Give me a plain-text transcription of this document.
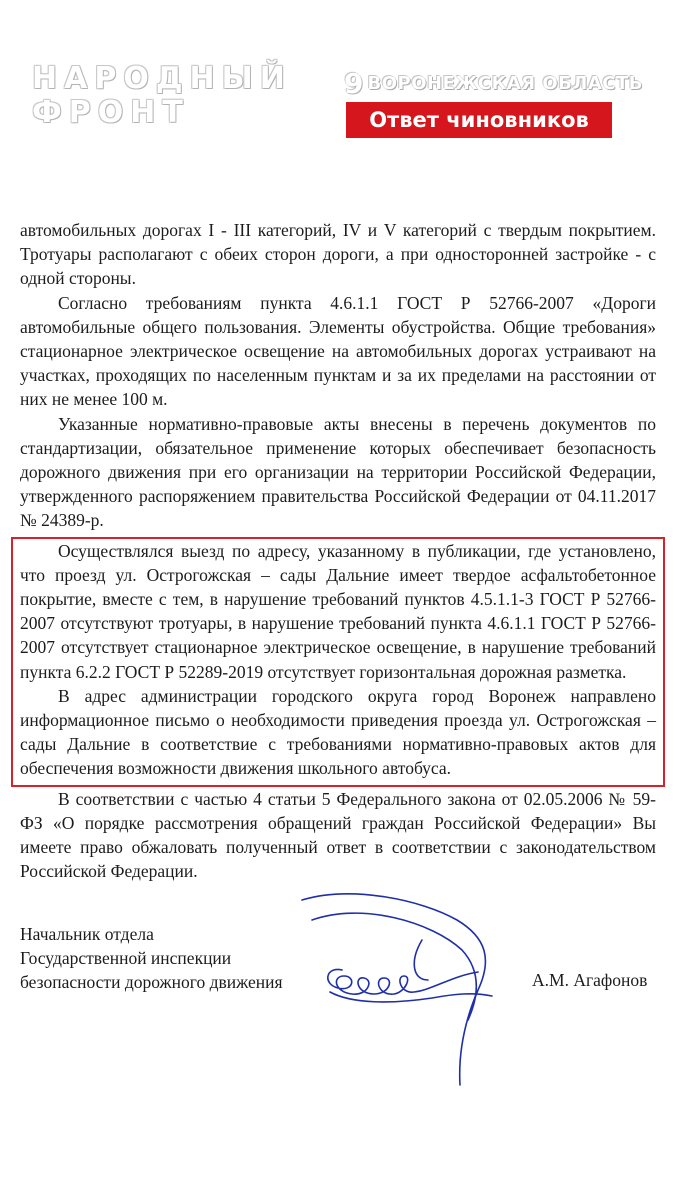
НАРОДНЫЙ
ФРОНТ
9 ВОРОНЕЖСКАЯ ОБЛАСТЬ
Ответ чиновников

автомобильных дорогах I - III категорий, IV и V категорий с твердым покрытием. Тротуары располагают с обеих сторон дороги, а при односторонней застройке - с одной стороны.

Согласно требованиям пункта 4.6.1.1 ГОСТ Р 52766-2007 «Дороги автомобильные общего пользования. Элементы обустройства. Общие требования» стационарное электрическое освещение на автомобильных дорогах устраивают на участках, проходящих по населенным пунктам и за их пределами на расстоянии от них не менее 100 м.

Указанные нормативно-правовые акты внесены в перечень документов по стандартизации, обязательное применение которых обеспечивает безопасность дорожного движения при его организации на территории Российской Федерации, утвержденного распоряжением правительства Российской Федерации от 04.11.2017 № 24389-р.

Осуществлялся выезд по адресу, указанному в публикации, где установлено, что проезд ул. Острогожская – сады Дальние имеет твердое асфальтобетонное покрытие, вместе с тем, в нарушение требований пунктов 4.5.1.1-3 ГОСТ Р 52766-2007 отсутствуют тротуары, в нарушение требований пункта 4.6.1.1 ГОСТ Р 52766-2007 отсутствует стационарное электрическое освещение, в нарушение требований пункта 6.2.2 ГОСТ Р 52289-2019 отсутствует горизонтальная дорожная разметка.

В адрес администрации городского округа город Воронеж направлено информационное письмо о необходимости приведения проезда ул. Острогожская – сады Дальние в соответствие с требованиями нормативно-правовых актов для обеспечения возможности движения школьного автобуса.

В соответствии с частью 4 статьи 5 Федерального закона от 02.05.2006 № 59-ФЗ «О порядке рассмотрения обращений граждан Российской Федерации» Вы имеете право обжаловать полученный ответ в соответствии с законодательством Российской Федерации.

Начальник отдела
Государственной инспекции
безопасности дорожного движения	А.М. Агафонов
